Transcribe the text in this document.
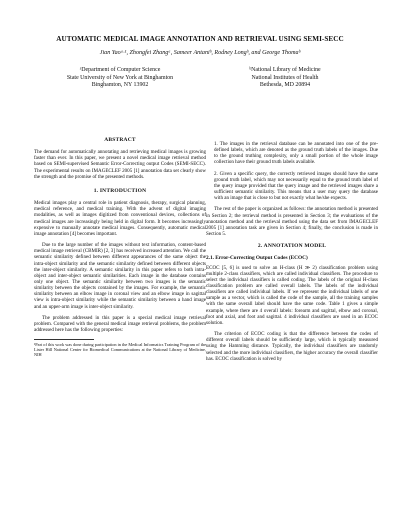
AUTOMATIC MEDICAL IMAGE ANNOTATION AND RETRIEVAL USING SEMI-SECC
Jian Yaoᵃ·¹, Zhongfei Zhangᵃ, Sameer Antaniᵇ, Rodney Longᵇ, and George Thomaᵇ
ᵃDepartment of Computer Science
State University of New York at Binghamton
Binghamton, NY 13902
ᵇNational Library of Medicine
National Institutes of Health
Bethesda, MD 20894
ABSTRACT

The demand for automatically annotating and retrieving medical images is growing faster than ever. In this paper, we present a novel medical image retrieval method based on SEMI-supervised Semantic Error-Correcting output Codes (SEMI-SECC). The experimental results on IMAGECLEF 2005 [1] annotation data set clearly show the strength and the promise of the presented methods.

1. INTRODUCTION

Medical images play a central role in patient diagnosis, therapy, surgical planning, medical reference, and medical training. With the advent of digital imaging modalities, as well as images digitized from conventional devices, collections of medical images are increasingly being held in digital form. It becomes increasingly expensive to manually annotate medical images. Consequently, automatic medical image annotation [4] becomes important.

Due to the large number of the images without text information, content-based medical image retrieval (CBMIR) [2, 3] has received increased attention. We call the semantic similarity defined between different appearances of the same object the intra-object similarity and the semantic similarity defined between different objects the inter-object similarity. A semantic similarity in this paper refers to both intra-object and inter-object semantic similarities. Each image in the database contains only one object. The semantic similarity between two images is the semantic similarity between the objects contained by the images. For example, the semantic similarity between an elbow image in coronal view and an elbow image in sagittal view is intra-object similarity while the semantic similarity between a hand image and an upper-arm image is inter-object similarity.

The problem addressed in this paper is a special medical image retrieval problem. Compared with the general medical image retrieval problems, the problem addressed here has the following properties:

¹Part of this work was done during participation in the Medical Informatics Training Program of the Lister Hill National Center for Biomedical Communications at the National Library of Medicine, NIH

1. The images in the retrieval database can be annotated into one of the pre-defined labels, which are denoted as the ground truth labels of the images. Due to the ground truthing complexity, only a small portion of the whole image collection have their ground truth labels available.

2. Given a specific query, the correctly retrieved images should have the same ground truth label, which may not necessarily equal to the ground truth label of the query image provided that the query image and the retrieved images share a sufficient semantic similarity. This means that a user may query the database with an image that is close to but not exactly what he/she expects.

The rest of the paper is organized as follows: the annotation method is presented in Section 2; the retrieval method is presented in Section 3; the evaluations of the annotation method and the retrieval method using the data set from IMAGECLEF 2005 [1] annotation task are given in Section 4; finally, the conclusion is made in Section 5.

2. ANNOTATION MODEL
2.1. Error-Correcting Output Codes (ECOC)

ECOC [5, 6] is used to solve an H-class (H ≫ 2) classification problem using multiple 2-class classifiers, which are called individual classifiers. The procedure to select the individual classifiers is called coding. The labels of the original H-class classification problem are called overall labels. The labels of the individual classifiers are called individual labels. If we represent the individual labels of one sample as a vector, which is called the code of the sample, all the training samples with the same overall label should have the same code. Table 1 gives a simple example, where there are 4 overall labels: forearm and sagittal, elbow and coronal, foot and axial, and foot and sagittal. 4 individual classifiers are used in an ECOC solution.

The criterion of ECOC coding is that the difference between the codes of different overall labels should be sufficiently large, which is typically measured using the Hamming distance. Typically, the individual classifiers are randomly selected and the more individual classifiers, the higher accuracy the overall classifier has. ECOC classification is solved by
